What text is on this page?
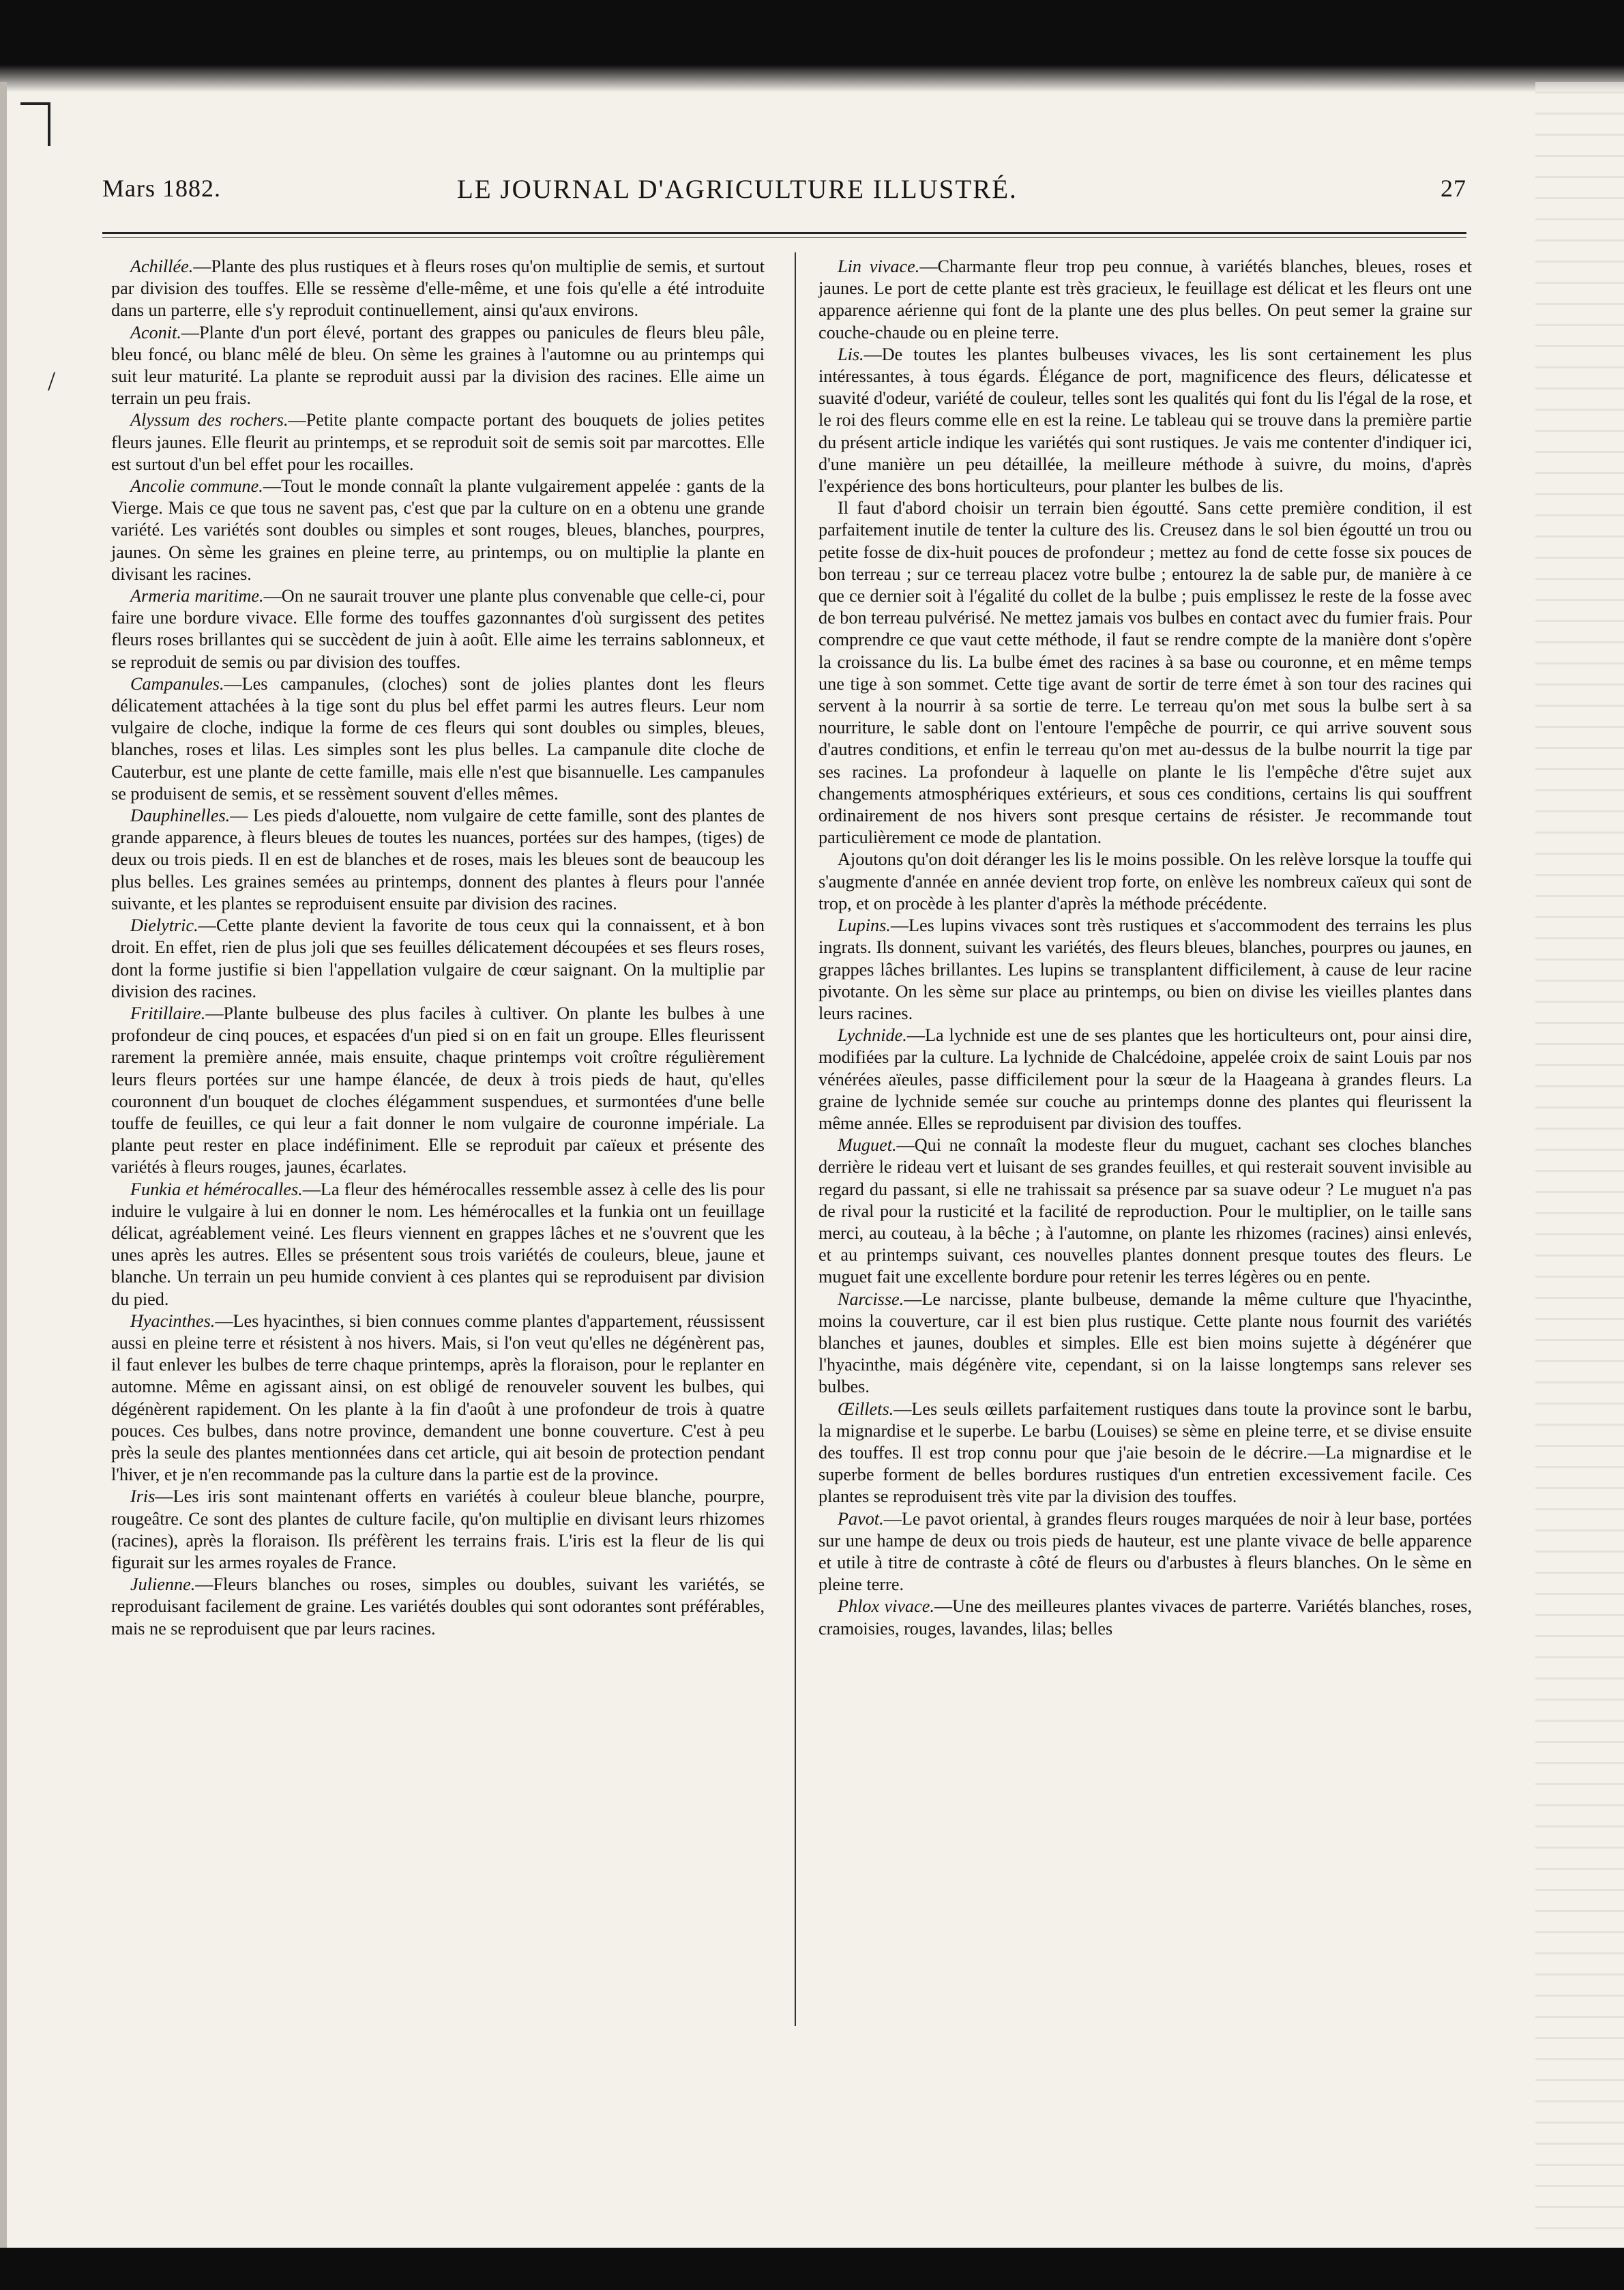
/
Mars 1882.	LE JOURNAL D'AGRICULTURE ILLUSTRÉ.	27

Achillée.—Plante des plus rustiques et à fleurs roses qu'on multiplie de semis, et surtout par division des touffes. Elle se ressème d'elle-même, et une fois qu'elle a été introduite dans un parterre, elle s'y reproduit continuellement, ainsi qu'aux environs.

Aconit.—Plante d'un port élevé, portant des grappes ou panicules de fleurs bleu pâle, bleu foncé, ou blanc mêlé de bleu. On sème les graines à l'automne ou au printemps qui suit leur maturité. La plante se reproduit aussi par la division des racines. Elle aime un terrain un peu frais.

Alyssum des rochers.—Petite plante compacte portant des bouquets de jolies petites fleurs jaunes. Elle fleurit au printemps, et se reproduit soit de semis soit par marcottes. Elle est surtout d'un bel effet pour les rocailles.

Ancolie commune.—Tout le monde connaît la plante vulgairement appelée : gants de la Vierge. Mais ce que tous ne savent pas, c'est que par la culture on en a obtenu une grande variété. Les variétés sont doubles ou simples et sont rouges, bleues, blanches, pourpres, jaunes. On sème les graines en pleine terre, au printemps, ou on multiplie la plante en divisant les racines.

Armeria maritime.—On ne saurait trouver une plante plus convenable que celle-ci, pour faire une bordure vivace. Elle forme des touffes gazonnantes d'où surgissent des petites fleurs roses brillantes qui se succèdent de juin à août. Elle aime les terrains sablonneux, et se reproduit de semis ou par division des touffes.

Campanules.—Les campanules, (cloches) sont de jolies plantes dont les fleurs délicatement attachées à la tige sont du plus bel effet parmi les autres fleurs. Leur nom vulgaire de cloche, indique la forme de ces fleurs qui sont doubles ou simples, bleues, blanches, roses et lilas. Les simples sont les plus belles. La campanule dite cloche de Cauterbur, est une plante de cette famille, mais elle n'est que bisannuelle. Les campanules se produisent de semis, et se ressèment souvent d'elles mêmes.

Dauphinelles.— Les pieds d'alouette, nom vulgaire de cette famille, sont des plantes de grande apparence, à fleurs bleues de toutes les nuances, portées sur des hampes, (tiges) de deux ou trois pieds. Il en est de blanches et de roses, mais les bleues sont de beaucoup les plus belles. Les graines semées au printemps, donnent des plantes à fleurs pour l'année suivante, et les plantes se reproduisent ensuite par division des racines.

Dielytric.—Cette plante devient la favorite de tous ceux qui la connaissent, et à bon droit. En effet, rien de plus joli que ses feuilles délicatement découpées et ses fleurs roses, dont la forme justifie si bien l'appellation vulgaire de cœur saignant. On la multiplie par division des racines.

Fritillaire.—Plante bulbeuse des plus faciles à cultiver. On plante les bulbes à une profondeur de cinq pouces, et espacées d'un pied si on en fait un groupe. Elles fleurissent rarement la première année, mais ensuite, chaque printemps voit croître régulièrement leurs fleurs portées sur une hampe élancée, de deux à trois pieds de haut, qu'elles couronnent d'un bouquet de cloches élégamment suspendues, et surmontées d'une belle touffe de feuilles, ce qui leur a fait donner le nom vulgaire de couronne impériale. La plante peut rester en place indéfiniment. Elle se reproduit par caïeux et présente des variétés à fleurs rouges, jaunes, écarlates.

Funkia et hémérocalles.—La fleur des hémérocalles ressemble assez à celle des lis pour induire le vulgaire à lui en donner le nom. Les hémérocalles et la funkia ont un feuillage délicat, agréablement veiné. Les fleurs viennent en grappes lâches et ne s'ouvrent que les unes après les autres. Elles se présentent sous trois variétés de couleurs, bleue, jaune et blanche. Un terrain un peu humide convient à ces plantes qui se reproduisent par division du pied.

Hyacinthes.—Les hyacinthes, si bien connues comme plantes d'appartement, réussissent aussi en pleine terre et résistent à nos hivers. Mais, si l'on veut qu'elles ne dégénèrent pas, il faut enlever les bulbes de terre chaque printemps, après la floraison, pour le replanter en automne. Même en agissant ainsi, on est obligé de renouveler souvent les bulbes, qui dégénèrent rapidement. On les plante à la fin d'août à une profondeur de trois à quatre pouces. Ces bulbes, dans notre province, demandent une bonne couverture. C'est à peu près la seule des plantes mentionnées dans cet article, qui ait besoin de protection pendant l'hiver, et je n'en recommande pas la culture dans la partie est de la province.

Iris—Les iris sont maintenant offerts en variétés à couleur bleue blanche, pourpre, rougeâtre. Ce sont des plantes de culture facile, qu'on multiplie en divisant leurs rhizomes (racines), après la floraison. Ils préfèrent les terrains frais. L'iris est la fleur de lis qui figurait sur les armes royales de France.

Julienne.—Fleurs blanches ou roses, simples ou doubles, suivant les variétés, se reproduisant facilement de graine. Les variétés doubles qui sont odorantes sont préférables, mais ne se reproduisent que par leurs racines.

Lin vivace.—Charmante fleur trop peu connue, à variétés blanches, bleues, roses et jaunes. Le port de cette plante est très gracieux, le feuillage est délicat et les fleurs ont une apparence aérienne qui font de la plante une des plus belles. On peut semer la graine sur couche-chaude ou en pleine terre.

Lis.—De toutes les plantes bulbeuses vivaces, les lis sont certainement les plus intéressantes, à tous égards. Élégance de port, magnificence des fleurs, délicatesse et suavité d'odeur, variété de couleur, telles sont les qualités qui font du lis l'égal de la rose, et le roi des fleurs comme elle en est la reine. Le tableau qui se trouve dans la première partie du présent article indique les variétés qui sont rustiques. Je vais me contenter d'indiquer ici, d'une manière un peu détaillée, la meilleure méthode à suivre, du moins, d'après l'expérience des bons horticulteurs, pour planter les bulbes de lis.

Il faut d'abord choisir un terrain bien égoutté. Sans cette première condition, il est parfaitement inutile de tenter la culture des lis. Creusez dans le sol bien égoutté un trou ou petite fosse de dix-huit pouces de profondeur ; mettez au fond de cette fosse six pouces de bon terreau ; sur ce terreau placez votre bulbe ; entourez la de sable pur, de manière à ce que ce dernier soit à l'égalité du collet de la bulbe ; puis emplissez le reste de la fosse avec de bon terreau pulvérisé. Ne mettez jamais vos bulbes en contact avec du fumier frais. Pour comprendre ce que vaut cette méthode, il faut se rendre compte de la manière dont s'opère la croissance du lis. La bulbe émet des racines à sa base ou couronne, et en même temps une tige à son sommet. Cette tige avant de sortir de terre émet à son tour des racines qui servent à la nourrir à sa sortie de terre. Le terreau qu'on met sous la bulbe sert à sa nourriture, le sable dont on l'entoure l'empêche de pourrir, ce qui arrive souvent sous d'autres conditions, et enfin le terreau qu'on met au-dessus de la bulbe nourrit la tige par ses racines. La profondeur à laquelle on plante le lis l'empêche d'être sujet aux changements atmosphériques extérieurs, et sous ces conditions, certains lis qui souffrent ordinairement de nos hivers sont presque certains de résister. Je recommande tout particulièrement ce mode de plantation.

Ajoutons qu'on doit déranger les lis le moins possible. On les relève lorsque la touffe qui s'augmente d'année en année devient trop forte, on enlève les nombreux caïeux qui sont de trop, et on procède à les planter d'après la méthode précédente.

Lupins.—Les lupins vivaces sont très rustiques et s'accommodent des terrains les plus ingrats. Ils donnent, suivant les variétés, des fleurs bleues, blanches, pourpres ou jaunes, en grappes lâches brillantes. Les lupins se transplantent difficilement, à cause de leur racine pivotante. On les sème sur place au printemps, ou bien on divise les vieilles plantes dans leurs racines.

Lychnide.—La lychnide est une de ses plantes que les horticulteurs ont, pour ainsi dire, modifiées par la culture. La lychnide de Chalcédoine, appelée croix de saint Louis par nos vénérées aïeules, passe difficilement pour la sœur de la Haageana à grandes fleurs. La graine de lychnide semée sur couche au printemps donne des plantes qui fleurissent la même année. Elles se reproduisent par division des touffes.

Muguet.—Qui ne connaît la modeste fleur du muguet, cachant ses cloches blanches derrière le rideau vert et luisant de ses grandes feuilles, et qui resterait souvent invisible au regard du passant, si elle ne trahissait sa présence par sa suave odeur ? Le muguet n'a pas de rival pour la rusticité et la facilité de reproduction. Pour le multiplier, on le taille sans merci, au couteau, à la bêche ; à l'automne, on plante les rhizomes (racines) ainsi enlevés, et au printemps suivant, ces nouvelles plantes donnent presque toutes des fleurs. Le muguet fait une excellente bordure pour retenir les terres légères ou en pente.

Narcisse.—Le narcisse, plante bulbeuse, demande la même culture que l'hyacinthe, moins la couverture, car il est bien plus rustique. Cette plante nous fournit des variétés blanches et jaunes, doubles et simples. Elle est bien moins sujette à dégénérer que l'hyacinthe, mais dégénère vite, cependant, si on la laisse longtemps sans relever ses bulbes.

Œillets.—Les seuls œillets parfaitement rustiques dans toute la province sont le barbu, la mignardise et le superbe. Le barbu (Louises) se sème en pleine terre, et se divise ensuite des touffes. Il est trop connu pour que j'aie besoin de le décrire.—La mignardise et le superbe forment de belles bordures rustiques d'un entretien excessivement facile. Ces plantes se reproduisent très vite par la division des touffes.

Pavot.—Le pavot oriental, à grandes fleurs rouges marquées de noir à leur base, portées sur une hampe de deux ou trois pieds de hauteur, est une plante vivace de belle apparence et utile à titre de contraste à côté de fleurs ou d'arbustes à fleurs blanches. On le sème en pleine terre.

Phlox vivace.—Une des meilleures plantes vivaces de parterre. Variétés blanches, roses, cramoisies, rouges, lavandes, lilas; belles
